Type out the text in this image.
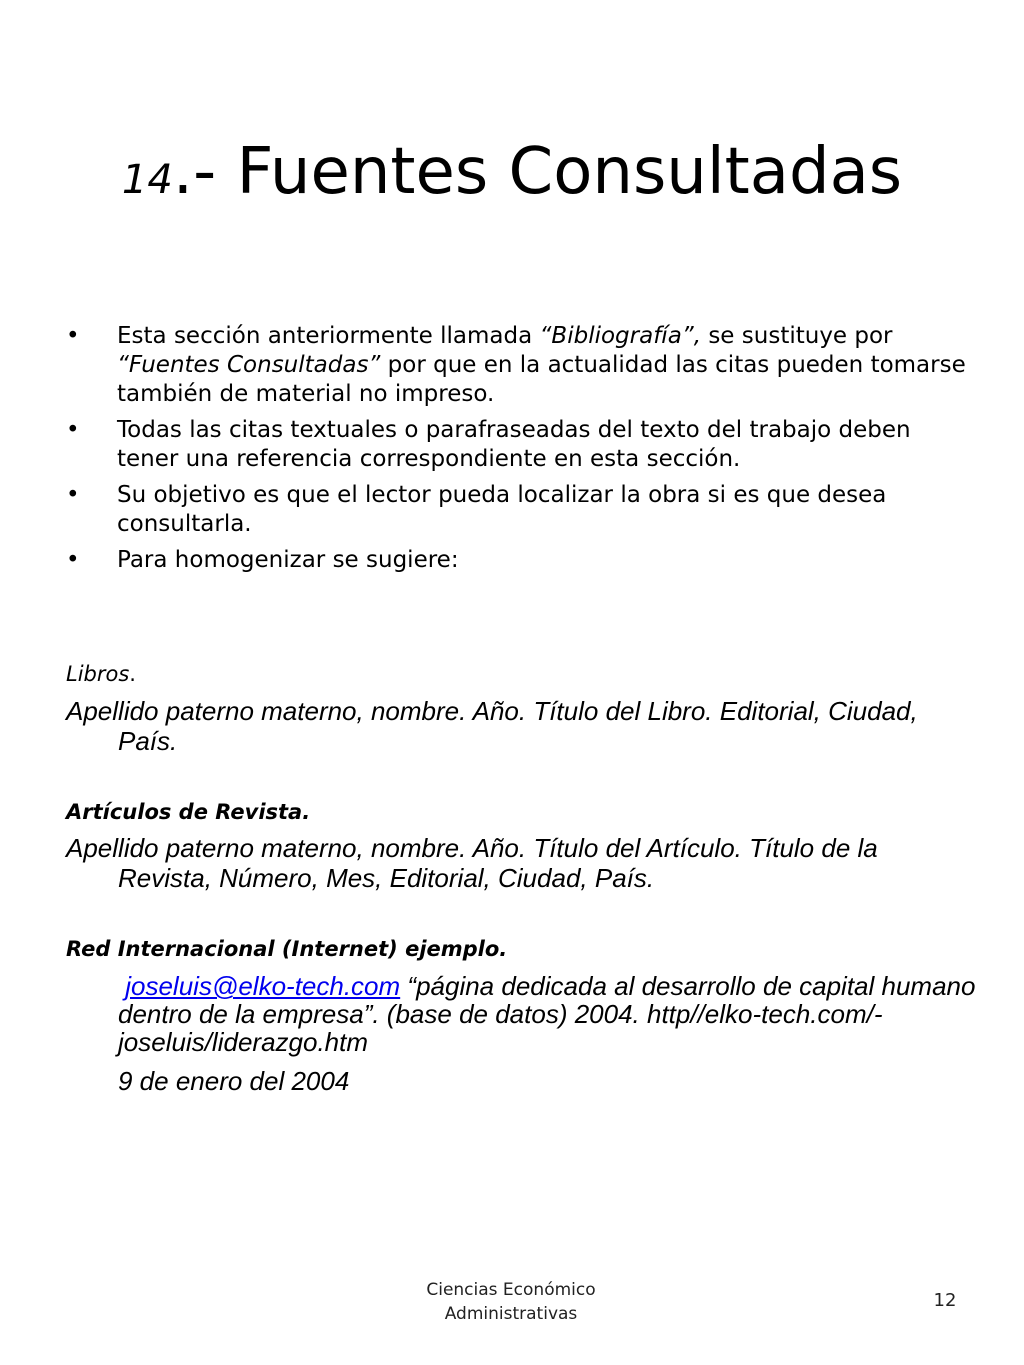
14.- Fuentes Consultadas
• Esta sección anteriormente llamada “Bibliografía”, se sustituye por “Fuentes Consultadas” por que en la actualidad las citas pueden tomarse también de material no impreso.
• Todas las citas textuales o parafraseadas del texto del trabajo deben tener una referencia correspondiente en esta sección.
• Su objetivo es que el lector pueda localizar la obra si es que desea consultarla.
• Para homogenizar se sugiere:
Libros.
Apellido paterno materno, nombre. Año. Título del Libro. Editorial, Ciudad, País.
Artículos de Revista.
Apellido paterno materno, nombre. Año. Título del Artículo. Título de la Revista, Número, Mes, Editorial, Ciudad, País.
Red Internacional (Internet) ejemplo.
joseluis@elko-tech.com “página dedicada al desarrollo de capital humano dentro de la empresa”. (base de datos) 2004. http//elko-tech.com/-joseluis/liderazgo.htm
9 de enero del 2004
Ciencias Económico
Administrativas
12
